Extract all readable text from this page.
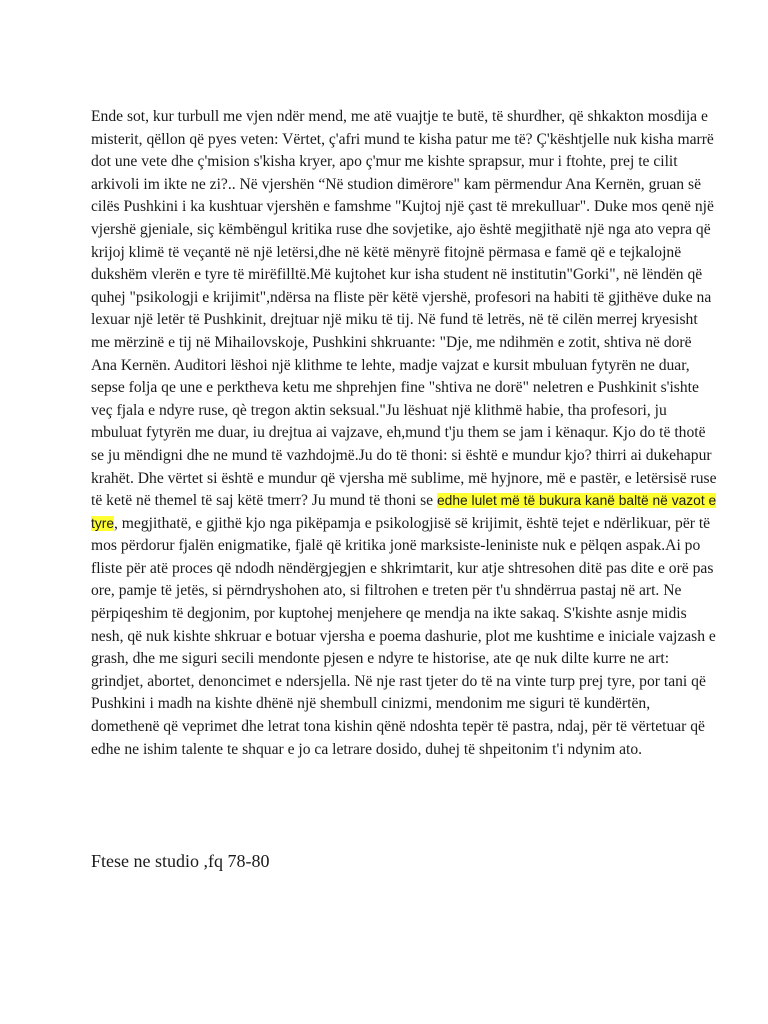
Ende sot, kur turbull me vjen ndër mend, me atë vuajtje te butë, të shurdher, që shkakton mosdija e misterit, qëllon që pyes veten: Vërtet, ç'afri mund te kisha patur me të? Ç'kështjelle nuk kisha marrë dot une vete dhe ç'mision s'kisha kryer, apo ç'mur me kishte sprapsur, mur i ftohte, prej te cilit arkivoli im ikte ne zi?.. Në vjershën “Në studion dimërore" kam përmendur Ana Kernën, gruan së cilës Pushkini i ka kushtuar vjershën e famshme "Kujtoj një çast të mrekulluar". Duke mos qenë një vjershë gjeniale, siç këmbëngul kritika ruse dhe sovjetike, ajo është megjithatë një nga ato vepra që krijoj klimë të veçantë në një letërsi,dhe në këtë mënyrë fitojnë përmasa e famë që e tejkalojnë dukshëm vlerën e tyre të mirëfilltë.Më kujtohet kur isha student në institutin"Gorki", në lëndën që quhej "psikologji e krijimit",ndërsa na fliste për këtë vjershë, profesori na habiti të gjithëve duke na lexuar një letër të Pushkinit, drejtuar një miku të tij. Në fund të letrës, në të cilën merrej kryesisht me mërzinë e tij në Mihailovskoje, Pushkini shkruante: "Dje, me ndihmën e zotit, shtiva në dorë Ana Kernën. Auditori lëshoi një klithme te lehte, madje vajzat e kursit mbuluan fytyrën ne duar, sepse folja qe une e perktheva ketu me shprehjen fine "shtiva ne dorë" neletren e Pushkinit s'ishte veç fjala e ndyre ruse, qè tregon aktin seksual."Ju lëshuat një klithmë habie, tha profesori, ju mbuluat fytyrën me duar, iu drejtua ai vajzave, eh,mund t'ju them se jam i kënaqur. Kjo do të thotë se ju mëndigni dhe ne mund të vazhdojmë.Ju do të thoni: si është e mundur kjo? thirri ai dukehapur krahët. Dhe vërtet si është e mundur që vjersha më sublime, më hyjnore, më e pastër, e letërsisë ruse të ketë në themel të saj këtë tmerr? Ju mund të thoni se edhe lulet më të bukura kanë baltë në vazot e tyre, megjithatë, e gjithë kjo nga pikëpamja e psikologjisë së krijimit, është tejet e ndërlikuar, për të mos përdorur fjalën enigmatike, fjalë që kritika jonë marksiste-leniniste nuk e pëlqen aspak.Ai po fliste për atë proces që ndodh nëndërgjegjen e shkrimtarit, kur atje shtresohen ditë pas dite e orë pas ore, pamje të jetës, si përndryshohen ato, si filtrohen e treten për t'u shndërrua pastaj në art. Ne përpiqeshim të degjonim, por kuptohej menjehere qe mendja na ikte sakaq. S'kishte asnje midis nesh, që nuk kishte shkruar e botuar vjersha e poema dashurie, plot me kushtime e iniciale vajzash e grash, dhe me siguri secili mendonte pjesen e ndyre te historise, ate qe nuk dilte kurre ne art: grindjet, abortet, denoncimet e ndersjella. Në nje rast tjeter do të na vinte turp prej tyre, por tani që Pushkini i madh na kishte dhënë një shembull cinizmi, mendonim me siguri të kundërtën, domethenë që veprimet dhe letrat tona kishin qënë ndoshta tepër të pastra, ndaj, për të vërtetuar që edhe ne ishim talente te shquar e jo ca letrare dosido, duhej të shpeitonim t'i ndynim ato.

Ftese ne studio ,fq 78-80
